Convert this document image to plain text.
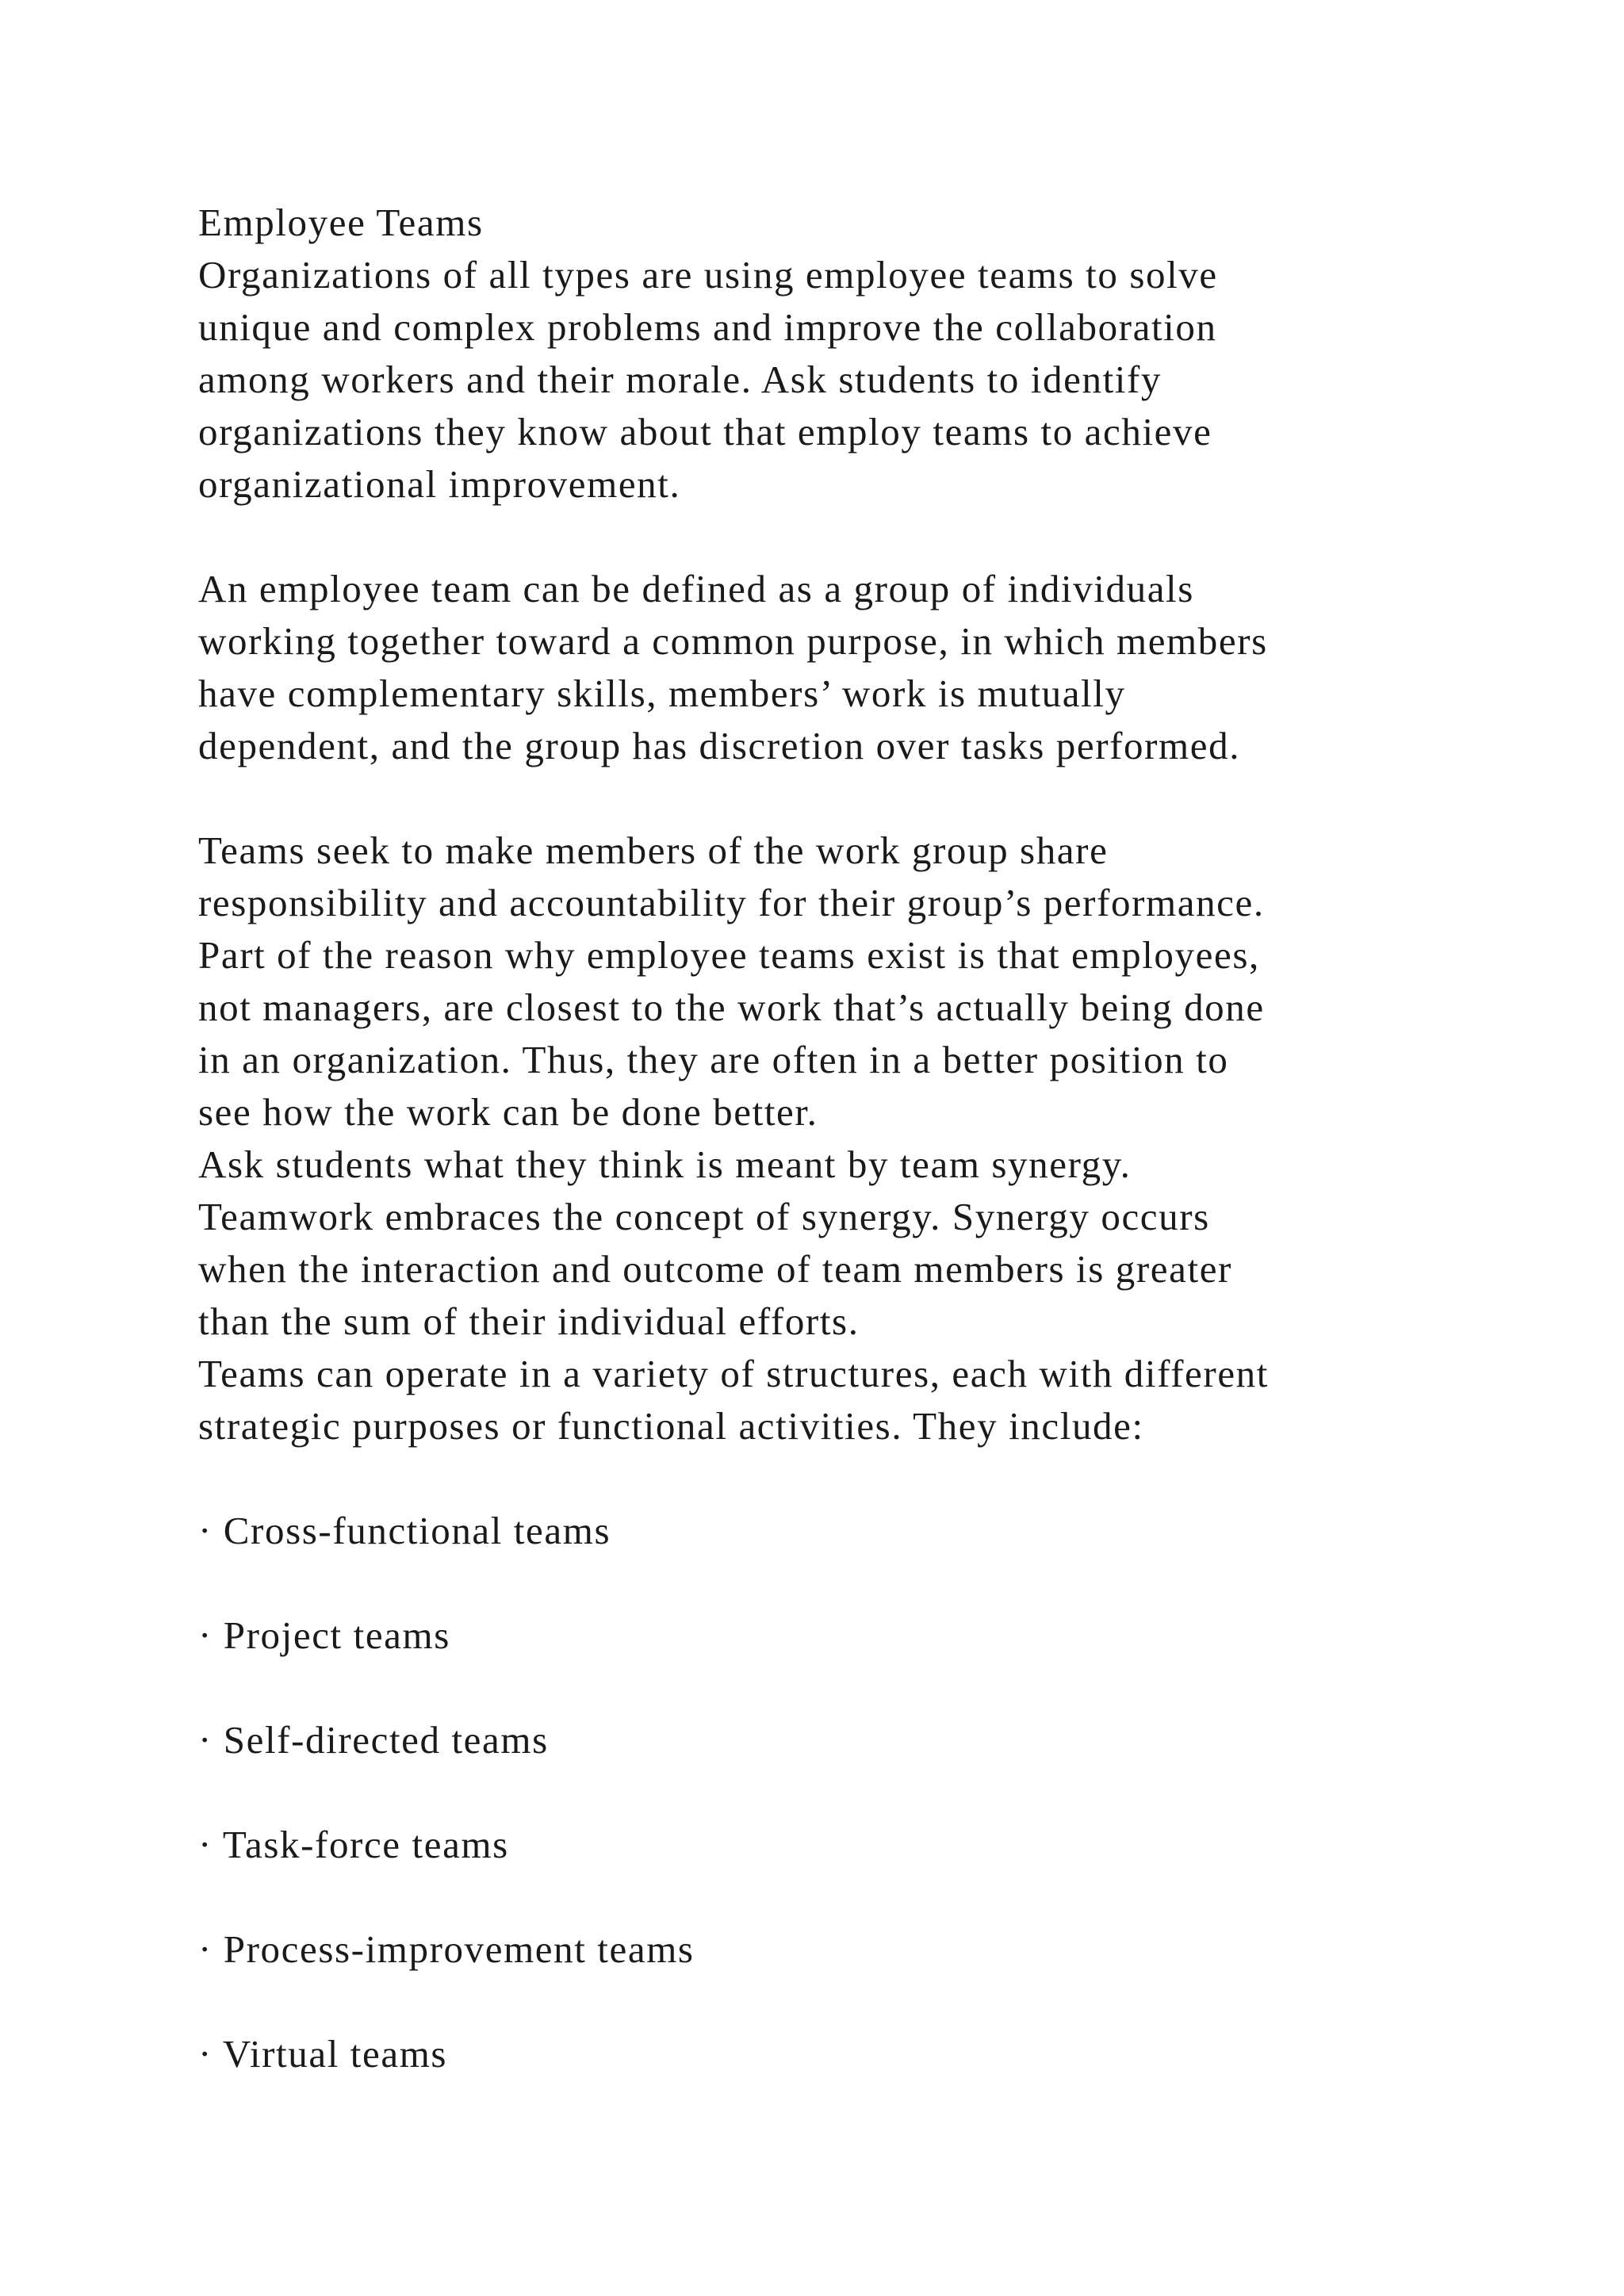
Employee Teams
Organizations of all types are using employee teams to solve
unique and complex problems and improve the collaboration
among workers and their morale. Ask students to identify
organizations they know about that employ teams to achieve
organizational improvement.
An employee team can be defined as a group of individuals
working together toward a common purpose, in which members
have complementary skills, members’ work is mutually
dependent, and the group has discretion over tasks performed.
Teams seek to make members of the work group share
responsibility and accountability for their group’s performance.
Part of the reason why employee teams exist is that employees,
not managers, are closest to the work that’s actually being done
in an organization. Thus, they are often in a better position to
see how the work can be done better.
Ask students what they think is meant by team synergy.
Teamwork embraces the concept of synergy. Synergy occurs
when the interaction and outcome of team members is greater
than the sum of their individual efforts.
Teams can operate in a variety of structures, each with different
strategic purposes or functional activities. They include:
· Cross-functional teams
· Project teams
· Self-directed teams
· Task-force teams
· Process-improvement teams
· Virtual teams
